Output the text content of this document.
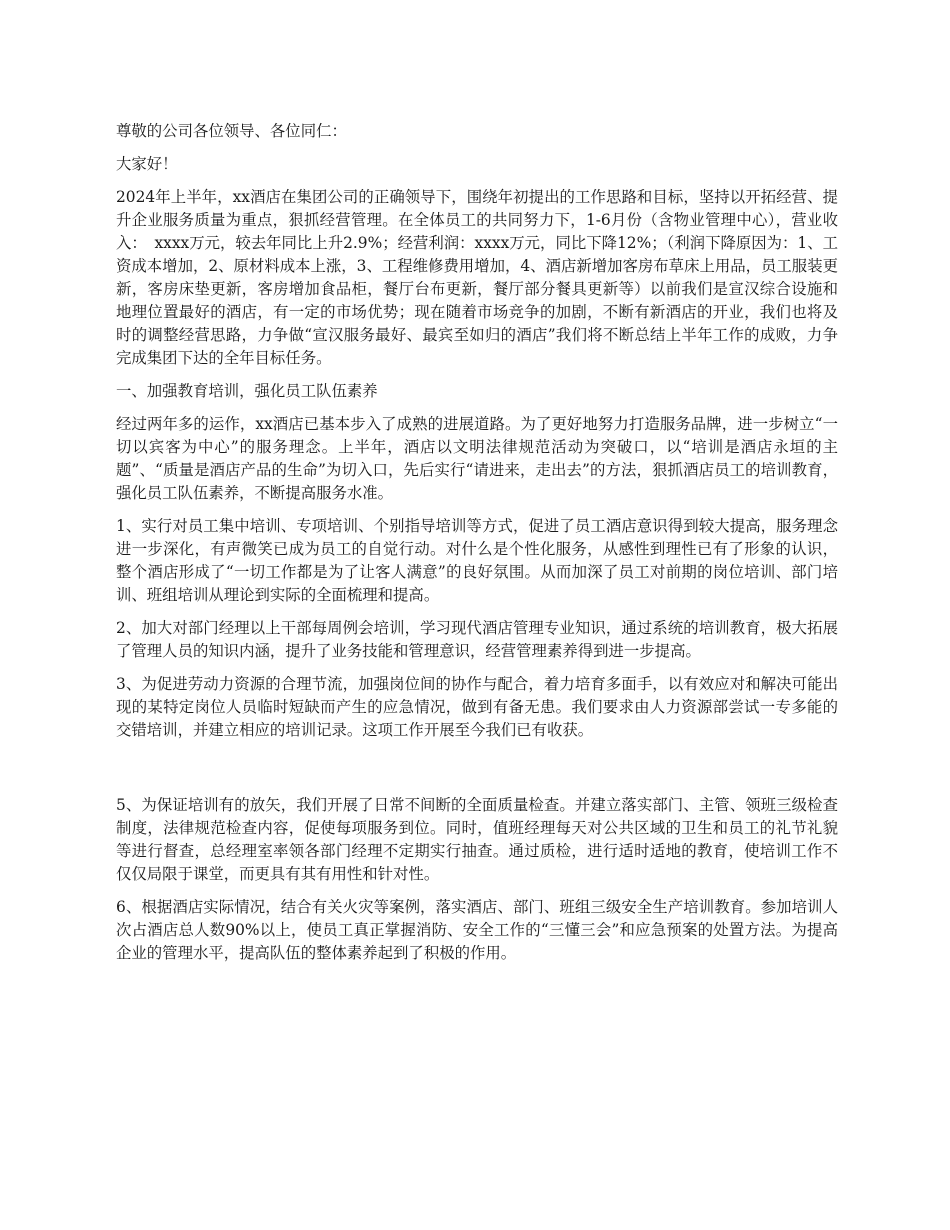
尊敬的公司各位领导、各位同仁：

大家好！

2024年上半年，xx酒店在集团公司的正确领导下，围绕年初提出的工作思路和目标，坚持以开拓经营、提升企业服务质量为重点，狠抓经营管理。在全体员工的共同努力下，1-6月份（含物业管理中心），营业收入：　xxxx万元，较去年同比上升2.9%；经营利润：xxxx万元，同比下降12%；（利润下降原因为：1、工资成本增加，2、原材料成本上涨，3、工程维修费用增加，4、酒店新增加客房布草床上用品，员工服装更新，客房床垫更新，客房增加食品柜，餐厅台布更新，餐厅部分餐具更新等）以前我们是宣汉综合设施和地理位置最好的酒店，有一定的市场优势；现在随着市场竞争的加剧，不断有新酒店的开业，我们也将及时的调整经营思路，力争做“宣汉服务最好、最宾至如归的酒店”我们将不断总结上半年工作的成败，力争完成集团下达的全年目标任务。

一、加强教育培训，强化员工队伍素养

经过两年多的运作，xx酒店已基本步入了成熟的进展道路。为了更好地努力打造服务品牌，进一步树立“一切以宾客为中心”的服务理念。上半年，酒店以文明法律规范活动为突破口，以“培训是酒店永垣的主题”、“质量是酒店产品的生命”为切入口，先后实行“请进来，走出去”的方法，狠抓酒店员工的培训教育，强化员工队伍素养，不断提高服务水准。

1、实行对员工集中培训、专项培训、个别指导培训等方式，促进了员工酒店意识得到较大提高，服务理念进一步深化，有声微笑已成为员工的自觉行动。对什么是个性化服务，从感性到理性已有了形象的认识，整个酒店形成了“一切工作都是为了让客人满意”的良好氛围。从而加深了员工对前期的岗位培训、部门培训、班组培训从理论到实际的全面梳理和提高。

2、加大对部门经理以上干部每周例会培训，学习现代酒店管理专业知识，通过系统的培训教育，极大拓展了管理人员的知识内涵，提升了业务技能和管理意识，经营管理素养得到进一步提高。

3、为促进劳动力资源的合理节流，加强岗位间的协作与配合，着力培育多面手，以有效应对和解决可能出现的某特定岗位人员临时短缺而产生的应急情况，做到有备无患。我们要求由人力资源部尝试一专多能的交错培训，并建立相应的培训记录。这项工作开展至今我们已有收获。

5、为保证培训有的放矢，我们开展了日常不间断的全面质量检查。并建立落实部门、主管、领班三级检查制度，法律规范检查内容，促使每项服务到位。同时，值班经理每天对公共区域的卫生和员工的礼节礼貌等进行督查，总经理室率领各部门经理不定期实行抽查。通过质检，进行适时适地的教育，使培训工作不仅仅局限于课堂，而更具有其有用性和针对性。

6、根据酒店实际情况，结合有关火灾等案例，落实酒店、部门、班组三级安全生产培训教育。参加培训人次占酒店总人数90%以上，使员工真正掌握消防、安全工作的“三懂三会”和应急预案的处置方法。为提高企业的管理水平，提高队伍的整体素养起到了积极的作用。
